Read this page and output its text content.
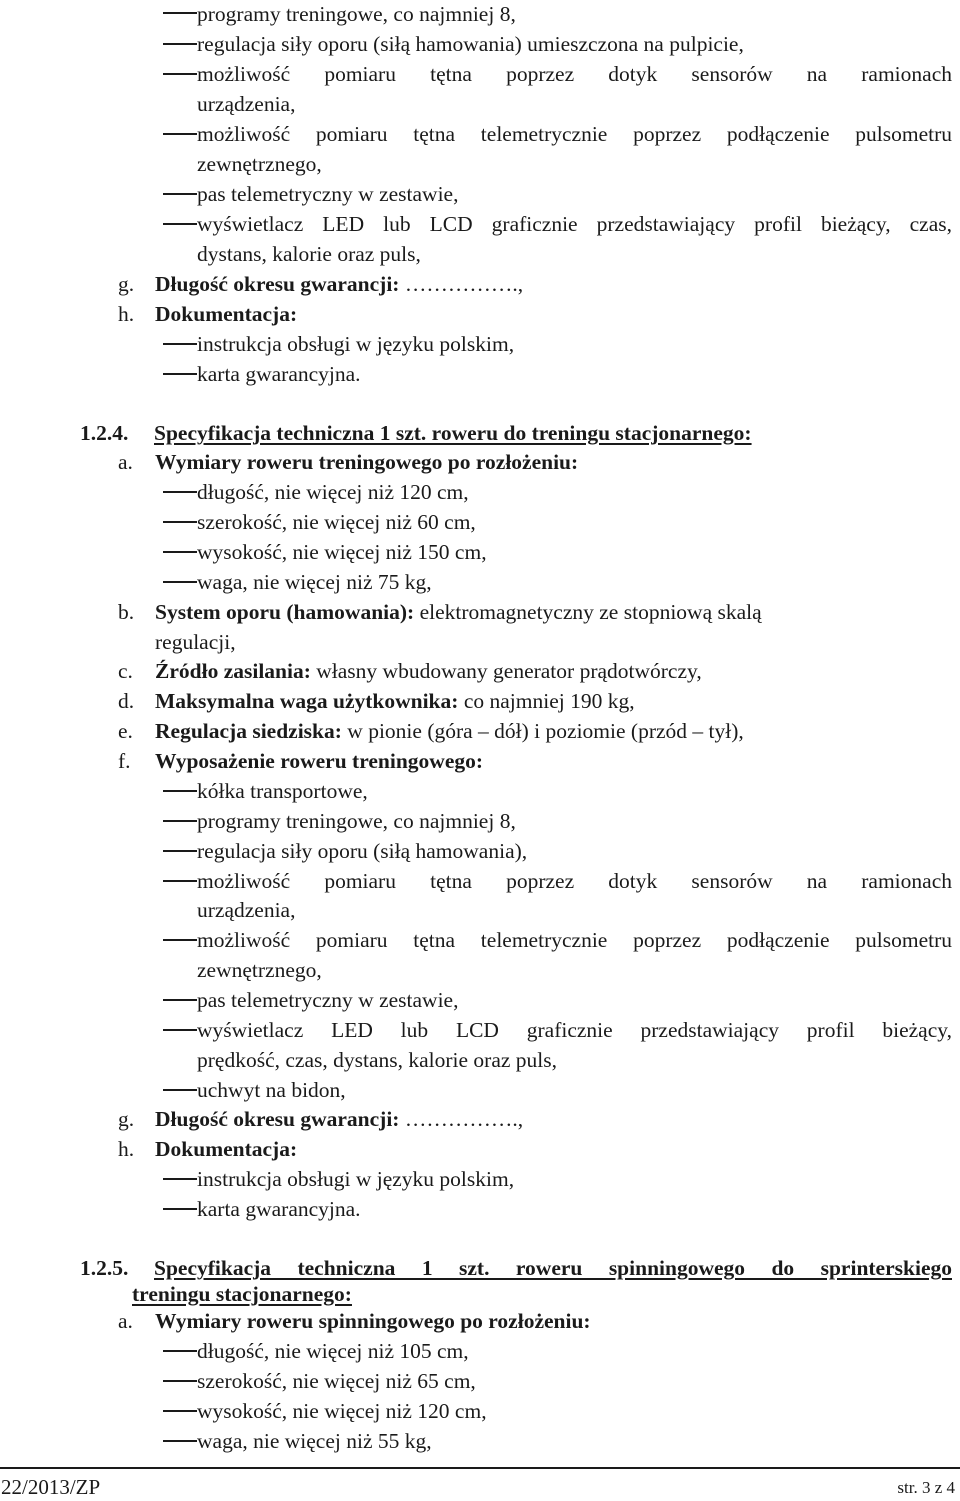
programy treningowe, co najmniej 8,
regulacja siły oporu (siłą hamowania) umieszczona na pulpicie,
możliwość pomiaru tętna poprzez dotyk sensorów na ramionach
urządzenia,
możliwość pomiaru tętna telemetrycznie poprzez podłączenie pulsometru
zewnętrznego,
pas telemetryczny w zestawie,
wyświetlacz LED lub LCD graficznie przedstawiający profil bieżący, czas,
dystans, kalorie oraz puls,
g. Długość okresu gwarancji: …………….,
h. Dokumentacja:
instrukcja obsługi w języku polskim,
karta gwarancyjna.
1.2.4. Specyfikacja techniczna 1 szt. roweru do treningu stacjonarnego:
a. Wymiary roweru treningowego po rozłożeniu:
długość, nie więcej niż 120 cm,
szerokość, nie więcej niż 60 cm,
wysokość, nie więcej niż 150 cm,
waga, nie więcej niż 75 kg,
b. System oporu (hamowania): elektromagnetyczny ze stopniową skalą
regulacji,
c. Źródło zasilania: własny wbudowany generator prądotwórczy,
d. Maksymalna waga użytkownika: co najmniej 190 kg,
e. Regulacja siedziska: w pionie (góra – dół) i poziomie (przód – tył),
f. Wyposażenie roweru treningowego:
kółka transportowe,
programy treningowe, co najmniej 8,
regulacja siły oporu (siłą hamowania),
możliwość pomiaru tętna poprzez dotyk sensorów na ramionach
urządzenia,
możliwość pomiaru tętna telemetrycznie poprzez podłączenie pulsometru
zewnętrznego,
pas telemetryczny w zestawie,
wyświetlacz LED lub LCD graficznie przedstawiający profil bieżący,
prędkość, czas, dystans, kalorie oraz puls,
uchwyt na bidon,
g. Długość okresu gwarancji: …………….,
h. Dokumentacja:
instrukcja obsługi w języku polskim,
karta gwarancyjna.
1.2.5. Specyfikacja techniczna 1 szt. roweru spinningowego do sprinterskiego
treningu stacjonarnego:
a. Wymiary roweru spinningowego po rozłożeniu:
długość, nie więcej niż 105 cm,
szerokość, nie więcej niż 65 cm,
wysokość, nie więcej niż 120 cm,
waga, nie więcej niż 55 kg,
22/2013/ZP	str. 3 z 4
